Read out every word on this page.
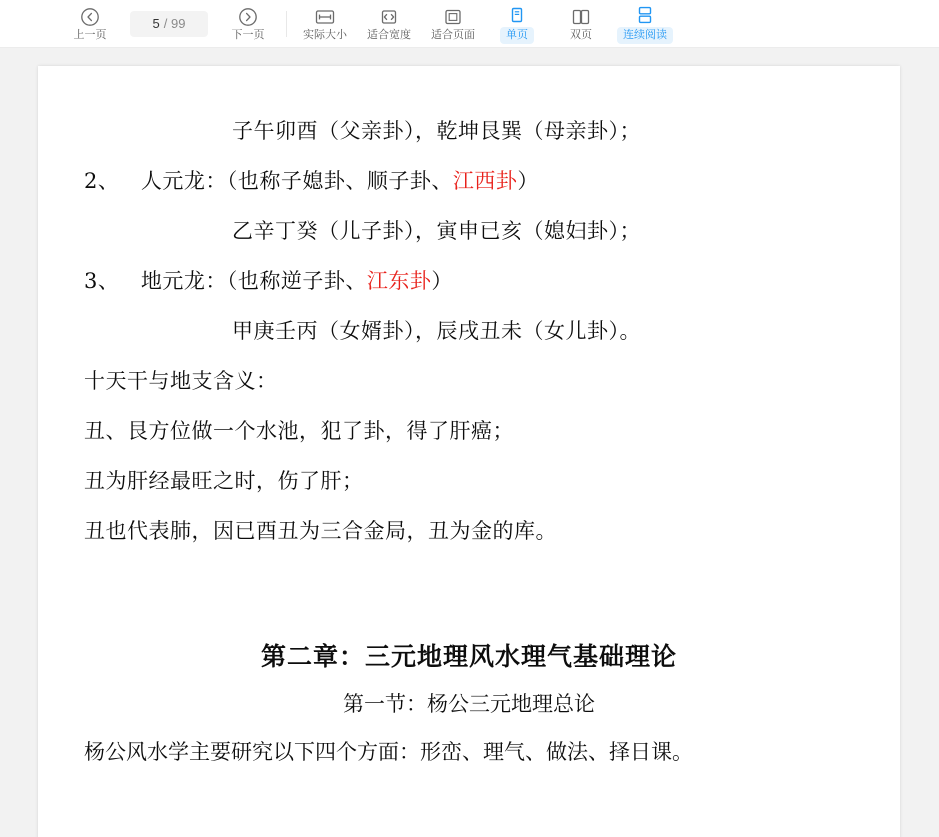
上一页
5 / 99
下一页	实际大小 适合宽度 适合页面	单页	双页	连续阅读
子午卯酉（父亲卦），乾坤艮巽（母亲卦）；
2、   人元龙：（也称子媳卦、顺子卦、江西卦）
乙辛丁癸（儿子卦），寅申已亥（媳妇卦）；
3、   地元龙：（也称逆子卦、江东卦）
甲庚壬丙（女婿卦），辰戌丑未（女儿卦）。
十天干与地支含义：
丑、艮方位做一个水池，犯了卦，得了肝癌；
丑为肝经最旺之时，伤了肝；
丑也代表肺，因已酉丑为三合金局，丑为金的库。
第二章：三元地理风水理气基础理论
第一节：杨公三元地理总论
杨公风水学主要研究以下四个方面：形峦、理气、做法、择日课。
